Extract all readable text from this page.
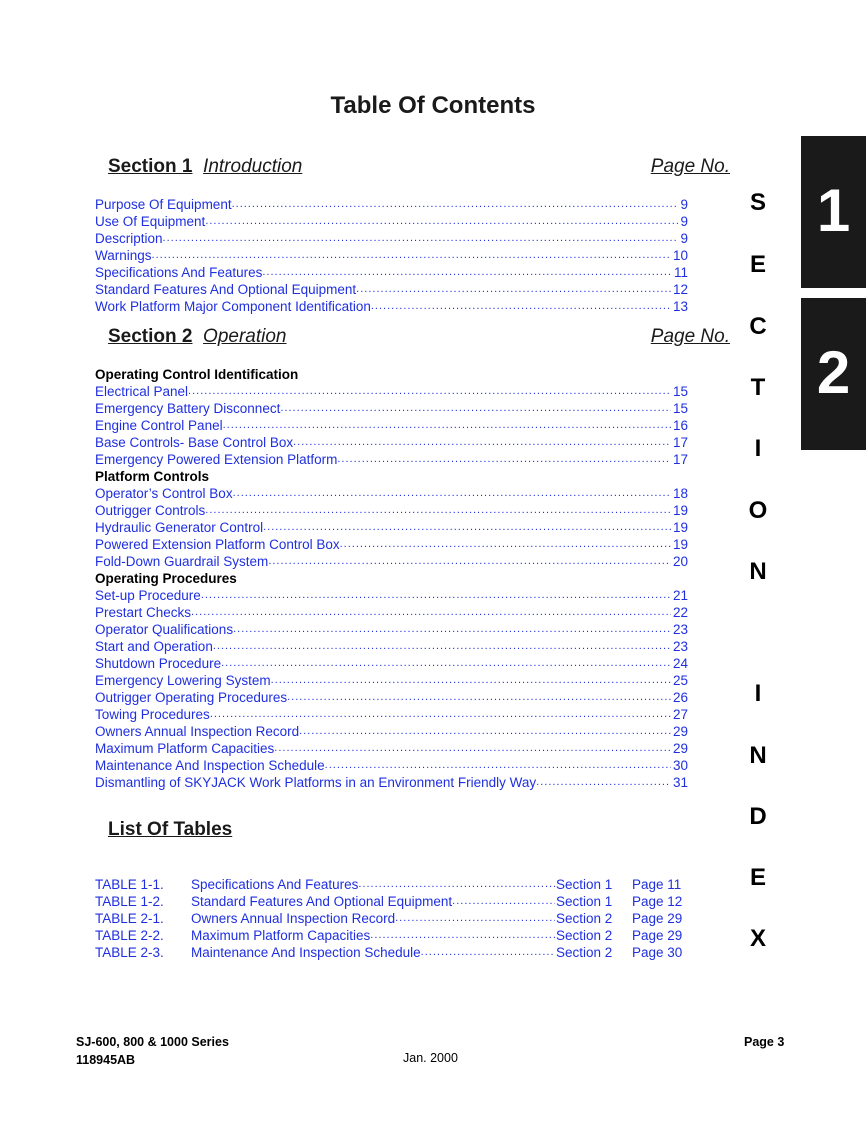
Table Of Contents
Section 1 Introduction	Page No.
Purpose Of Equipment .....	9
Use Of Equipment .....	9
Description .....	9
Warnings .....	10
Specifications And Features .....	11
Standard Features And Optional Equipment .....	12
Work Platform Major Component Identification .....	13
Section 2 Operation	Page No.
Operating Control Identification
Electrical Panel .....	15
Emergency Battery Disconnect .....	15
Engine Control Panel .....	16
Base Controls- Base Control Box .....	17
Emergency Powered Extension Platform .....	17
Platform Controls
Operator’s Control Box .....	18
Outrigger Controls .....	19
Hydraulic Generator Control .....	19
Powered Extension Platform Control Box .....	19
Fold-Down Guardrail System .....	20
Operating Procedures
Set-up Procedure .....	21
Prestart Checks .....	22
Operator Qualifications .....	23
Start and Operation .....	23
Shutdown Procedure .....	24
Emergency Lowering System .....	25
Outrigger Operating Procedures .....	26
Towing Procedures .....	27
Owners Annual Inspection Record .....	29
Maximum Platform Capacities .....	29
Maintenance And Inspection Schedule .....	30
Dismantling of SKYJACK Work Platforms in an Environment Friendly Way .....	31
List Of Tables
TABLE 1-1. Specifications And Features .....	Section 1 Page 11
TABLE 1-2. Standard Features And Optional Equipment .....	Section 1 Page 12
TABLE 2-1. Owners Annual Inspection Record .....	Section 2 Page 29
TABLE 2-2. Maximum Platform Capacities .....	Section 2 Page 29
TABLE 2-3. Maintenance And Inspection Schedule .....	Section 2 Page 30
S
E
C
T
I
O
N
I
N
D
E
X
1
2
SJ-600, 800 & 1000 Series
118945AB	Jan. 2000
Page 3
